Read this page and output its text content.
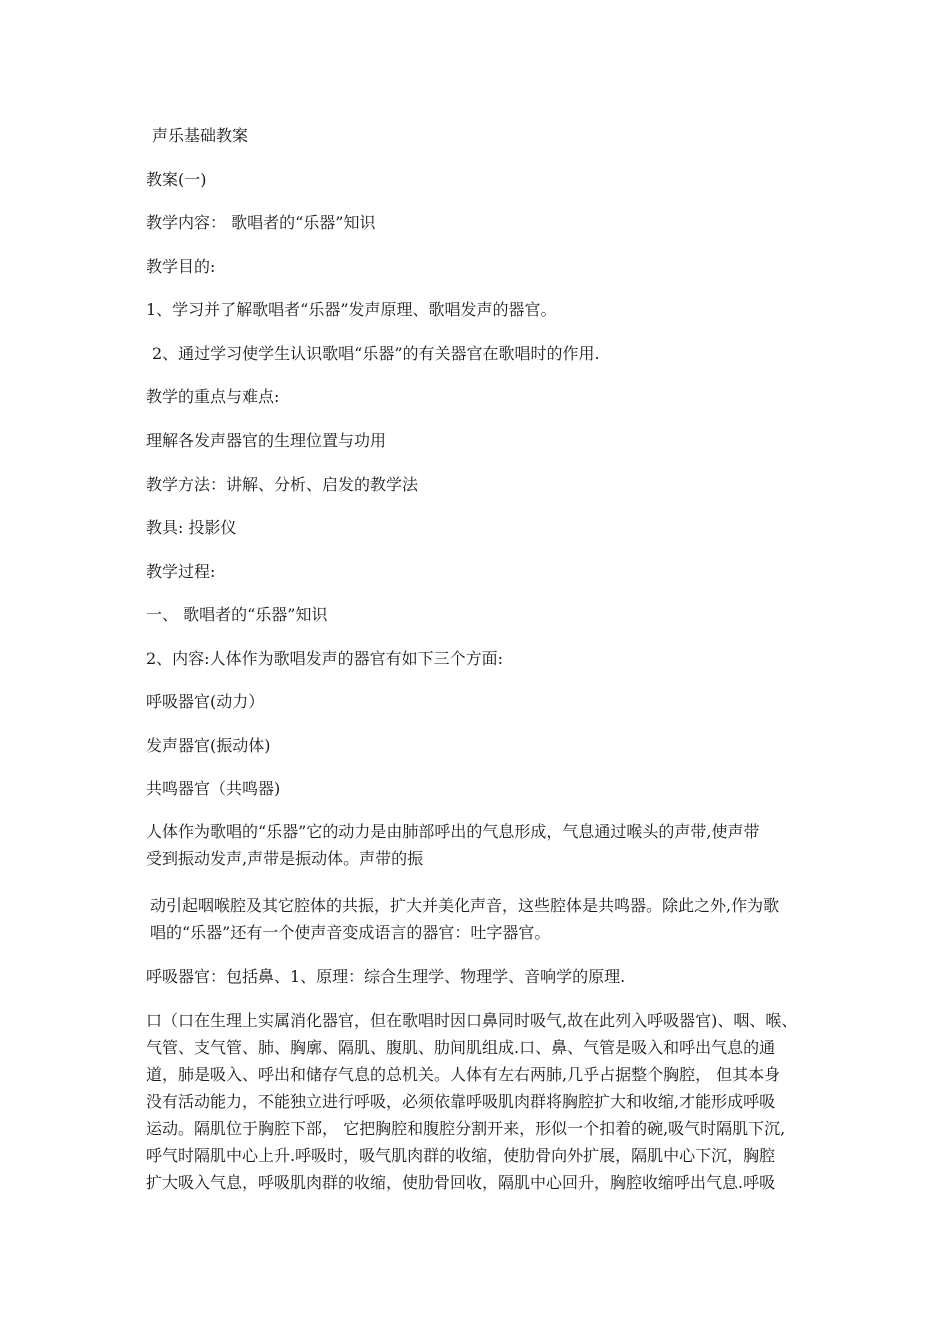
声乐基础教案
教案(一)
教学内容： 歌唱者的“乐器”知识
教学目的:
1、学习并了解歌唱者“乐器”发声原理、歌唱发声的器官。
2、通过学习使学生认识歌唱“乐器”的有关器官在歌唱时的作用.
教学的重点与难点:
理解各发声器官的生理位置与功用
教学方法：讲解、分析、启发的教学法
教具: 投影仪
教学过程:
一、 歌唱者的“乐器”知识
2、内容:人体作为歌唱发声的器官有如下三个方面:
呼吸器官(动力）
发声器官(振动体)
共鸣器官（共鸣器)
人体作为歌唱的“乐器”它的动力是由肺部呼出的气息形成，气息通过喉头的声带,使声带
受到振动发声,声带是振动体。声带的振
动引起咽喉腔及其它腔体的共振，扩大并美化声音，这些腔体是共鸣器。除此之外,作为歌
唱的“乐器”还有一个使声音变成语言的器官：吐字器官。
呼吸器官：包括鼻、1、原理：综合生理学、物理学、音响学的原理.
口（口在生理上实属消化器官，但在歌唱时因口鼻同时吸气,故在此列入呼吸器官)、咽、喉、
气管、支气管、肺、胸廓、隔肌、腹肌、肋间肌组成.口、鼻、气管是吸入和呼出气息的通
道，肺是吸入、呼出和储存气息的总机关。人体有左右两肺,几乎占据整个胸腔， 但其本身
没有活动能力，不能独立进行呼吸，必须依靠呼吸肌肉群将胸腔扩大和收缩,才能形成呼吸
运动。隔肌位于胸腔下部， 它把胸腔和腹腔分割开来，形似一个扣着的碗,吸气时隔肌下沉,
呼气时隔肌中心上升.呼吸时，吸气肌肉群的收缩，使肋骨向外扩展，隔肌中心下沉，胸腔
扩大吸入气息，呼吸肌肉群的收缩，使肋骨回收，隔肌中心回升，胸腔收缩呼出气息.呼吸
